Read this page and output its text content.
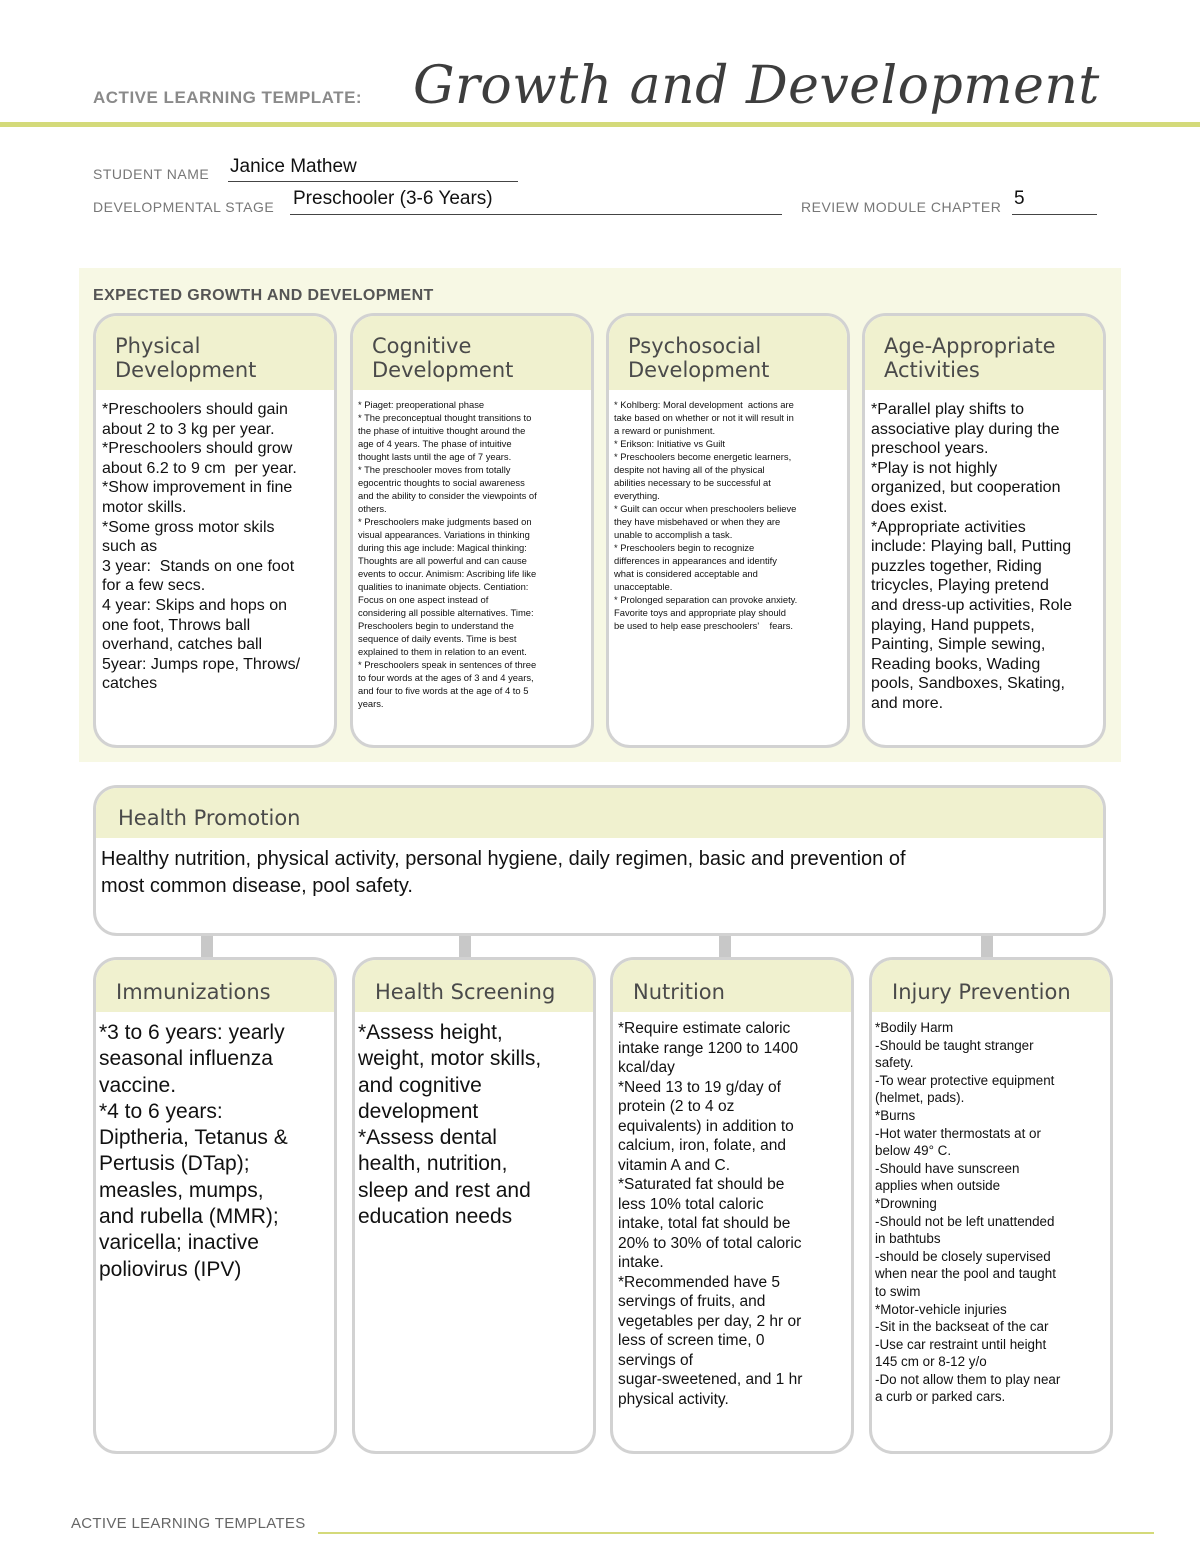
ACTIVE LEARNING TEMPLATE: Growth and Development
STUDENT NAME Janice Mathew
DEVELOPMENTAL STAGE Preschooler (3-6 Years)	REVIEW MODULE CHAPTER 5
EXPECTED GROWTH AND DEVELOPMENT
Physical
Development
*Preschoolers should gain
about 2 to 3 kg per year.
*Preschoolers should grow
about 6.2 to 9 cm  per year.
*Show improvement in fine
motor skills.
*Some gross motor skils
such as
3 year:  Stands on one foot
for a few secs.
4 year: Skips and hops on
one foot, Throws ball
overhand, catches ball
5year: Jumps rope, Throws/
catches
Cognitive
Development
* Piaget: preoperational phase
* The preconceptual thought transitions to
the phase of intuitive thought around the
age of 4 years. The phase of intuitive
thought lasts until the age of 7 years.
* The preschooler moves from totally
egocentric thoughts to social awareness
and the ability to consider the viewpoints of
others.
* Preschoolers make judgments based on
visual appearances. Variations in thinking
during this age include: Magical thinking:
Thoughts are all powerful and can cause
events to occur. Animism: Ascribing life like
qualities to inanimate objects. Centiation:
Focus on one aspect instead of
considering all possible alternatives. Time:
Preschoolers begin to understand the
sequence of daily events. Time is best
explained to them in relation to an event.
* Preschoolers speak in sentences of three
to four words at the ages of 3 and 4 years,
and four to five words at the age of 4 to 5
years.
Psychosocial
Development
* Kohlberg: Moral development  actions are
take based on whether or not it will result in
a reward or punishment.
* Erikson: Initiative vs Guilt
* Preschoolers become energetic learners,
despite not having all of the physical
abilities necessary to be successful at
everything.
* Guilt can occur when preschoolers believe
they have misbehaved or when they are
unable to accomplish a task.
* Preschoolers begin to recognize
differences in appearances and identify
what is considered acceptable and
unacceptable.
* Prolonged separation can provoke anxiety.
Favorite toys and appropriate play should
be used to help ease preschoolers'    fears.
Age-Appropriate
Activities
*Parallel play shifts to
associative play during the
preschool years.
*Play is not highly
organized, but cooperation
does exist.
*Appropriate activities
include: Playing ball, Putting
puzzles together, Riding
tricycles, Playing pretend
and dress-up activities, Role
playing, Hand puppets,
Painting, Simple sewing,
Reading books, Wading
pools, Sandboxes, Skating,
and more.
Health Promotion
Healthy nutrition, physical activity, personal hygiene, daily regimen, basic and prevention of
most common disease, pool safety.
Immunizations
*3 to 6 years: yearly
seasonal influenza
vaccine.
*4 to 6 years:
Diptheria, Tetanus &
Pertusis (DTap);
measles, mumps,
and rubella (MMR);
varicella; inactive
poliovirus (IPV)
Health Screening
*Assess height,
weight, motor skills,
and cognitive
development
*Assess dental
health, nutrition,
sleep and rest and
education needs
Nutrition
*Require estimate caloric
intake range 1200 to 1400
kcal/day
*Need 13 to 19 g/day of
protein (2 to 4 oz
equivalents) in addition to
calcium, iron, folate, and
vitamin A and C.
*Saturated fat should be
less 10% total caloric
intake, total fat should be
20% to 30% of total caloric
intake.
*Recommended have 5
servings of fruits, and
vegetables per day, 2 hr or
less of screen time, 0
servings of
sugar-sweetened, and 1 hr
physical activity.
Injury Prevention
*Bodily Harm
-Should be taught stranger
safety.
-To wear protective equipment
(helmet, pads).
*Burns
-Hot water thermostats at or
below 49° C.
-Should have sunscreen
applies when outside
*Drowning
-Should not be left unattended
in bathtubs
-should be closely supervised
when near the pool and taught
to swim
*Motor-vehicle injuries
-Sit in the backseat of the car
-Use car restraint until height
145 cm or 8-12 y/o
-Do not allow them to play near
a curb or parked cars.
ACTIVE LEARNING TEMPLATES
